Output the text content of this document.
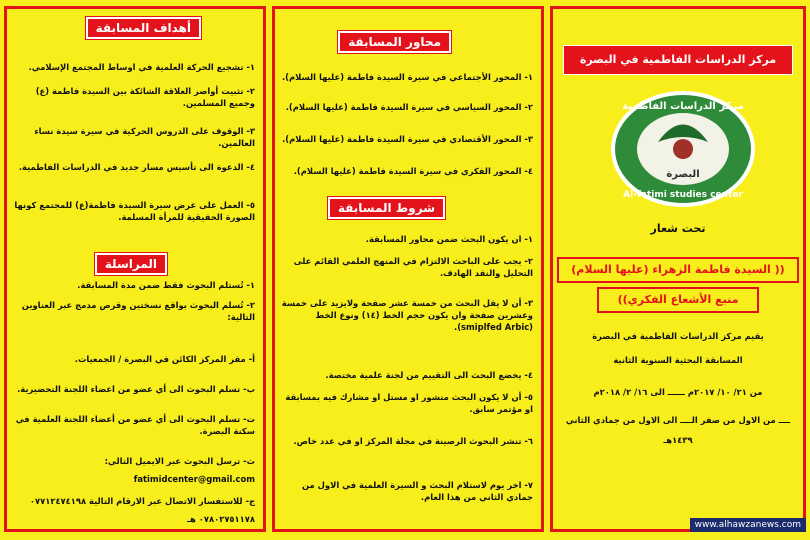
أهداف المسابقة
١- تشجيع الحركة العلمية في اوساط المجتمع الإسلامي.
٢- تثبيت أواصر العلاقة الشائكة بين السيدة فاطمة (ع) وجميع المسلمين.
٣- الوقوف على الدروس الحركية في سيرة سيدة نساء العالمين.
٤- الدعوة الى تأسيس مسار جديد في الدراسات الفاطمية.
٥- العمل على عرض سيرة السيدة فاطمة(ع) للمجتمع كونها الصورة الحقيقية للمرأة المسلمة.
المراسلة
١- تُستلم البحوث فقط ضمن مدة المسابقة.
٢- تُسلم البحوث بواقع نسختين وقرص مدمج عبر العناوين التالية:
أ- مقر المركز الكائن في البصرة / الجمعيات.
ب- تسلم البحوث الى أي عضو من اعضاء اللجنة التحضيرية.
ت- تسلم البحوث الى أي عضو من أعضاء اللجنة العلمية في سكنة البصرة.
ث- ترسل البحوث عبر الايميل التالي:
fatimidcenter@gmail.com
ج- للاستفسار الاتصال عبر الارقام التالية ٠٧٧١٢٤٧٤١٩٨
٠٧٨٠٢٧٥١١٧٨ هـ
محاور المسابقة
١- المحور الأجتماعي في سيرة السيدة فاطمة (عليها السلام).
٢- المحور السياسي في سيرة السيدة فاطمة (عليها السلام).
٣- المحور الأقتصادي في سيرة السيدة فاطمة (عليها السلام).
٤- المحور الفكري في سيرة السيدة فاطمة (عليها السلام).
شروط المسابقة
١- ان يكون البحث ضمن محاور المسابقة.
٢- يجب على الباحث الالتزام في المنهج العلمي القائم على التحليل والنقد الهادف.
٣- أن لا يقل البحث من خمسة عشر صفحة ولايزيد على خمسة وعشرين صفحة وان يكون حجم الخط (١٤) ونوع الخط (smiplfed Arbic).
٤- يخضع البحث الى التقييم من لجنة علمية مختصة.
٥- أن لا يكون البحث منشور او مستل او مشارك فيه بمسابقة او مؤتمر سابق.
٦- تنشر البحوث الرصينة في مجلة المركز او في عدد خاص.
٧- اخر يوم لاستلام البحث و السيرة العلمية في الاول من جمادي الثاني من هذا العام.
مركز الدراسات الفاطمية في البصرة
مركز الدراسات الفاطمية
البصرة
Al-fatimi studies center
تحت شعار
(( السيدة فاطمة الزهراء (عليها السلام)
منبع الأشعاع الفكري))
يقيم مركز الدراسات الفاطمية في البصرة
المسابقة البحثية السنوية الثانية
من ٢١/ ١٠/ ٢٠١٧م ــــــ الى ١٦/ ٢/ ٢٠١٨م
ــــ من الاول من صفر الــــ الى الاول من جمادي الثاني
١٤٣٩هـ
www.alhawzanews.com
